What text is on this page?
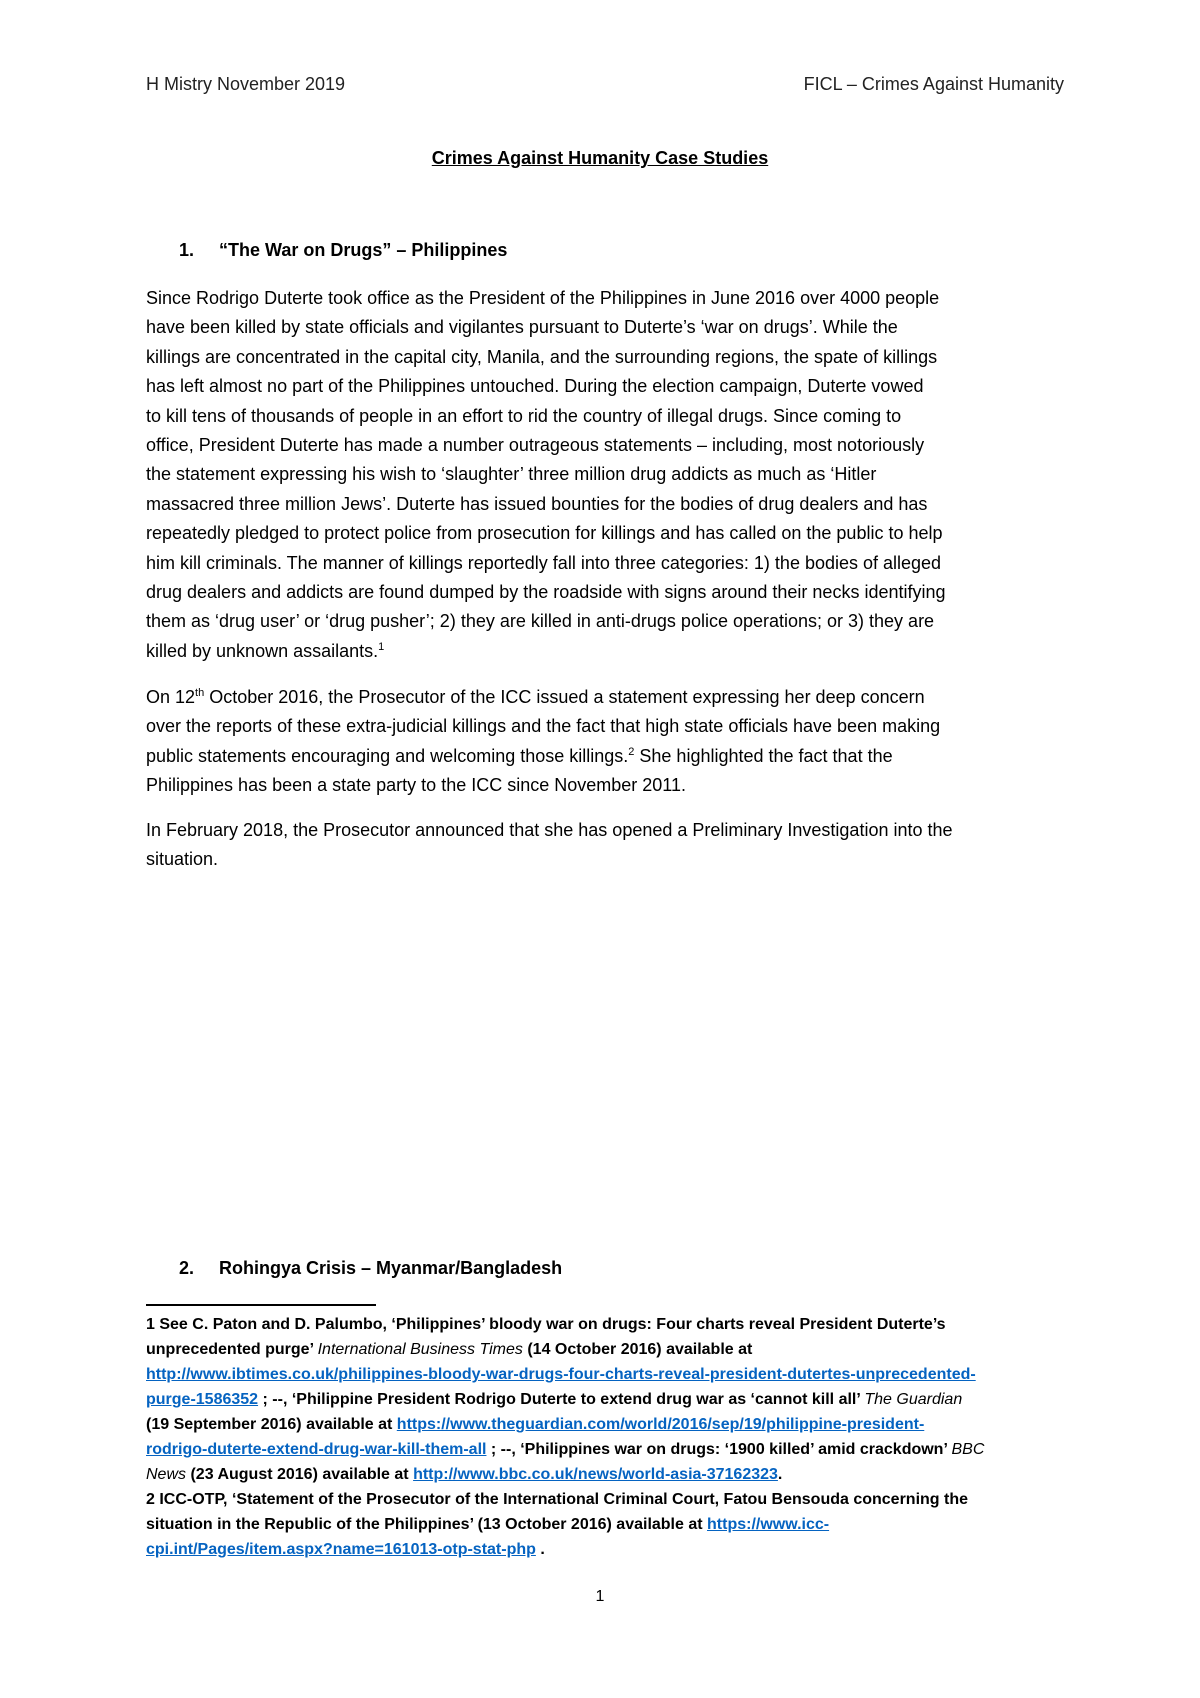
H Mistry November 2019	FICL – Crimes Against Humanity
Crimes Against Humanity Case Studies
1. “The War on Drugs” – Philippines
Since Rodrigo Duterte took office as the President of the Philippines in June 2016 over 4000 people
have been killed by state officials and vigilantes pursuant to Duterte’s ‘war on drugs’. While the
killings are concentrated in the capital city, Manila, and the surrounding regions, the spate of killings
has left almost no part of the Philippines untouched. During the election campaign, Duterte vowed
to kill tens of thousands of people in an effort to rid the country of illegal drugs. Since coming to
office, President Duterte has made a number outrageous statements – including, most notoriously
the statement expressing his wish to ‘slaughter’ three million drug addicts as much as ‘Hitler
massacred three million Jews’. Duterte has issued bounties for the bodies of drug dealers and has
repeatedly pledged to protect police from prosecution for killings and has called on the public to help
him kill criminals. The manner of killings reportedly fall into three categories: 1) the bodies of alleged
drug dealers and addicts are found dumped by the roadside with signs around their necks identifying
them as ‘drug user’ or ‘drug pusher’; 2) they are killed in anti-drugs police operations; or 3) they are
killed by unknown assailants.$^1$
On 12th October 2016, the Prosecutor of the ICC issued a statement expressing her deep concern
over the reports of these extra-judicial killings and the fact that high state officials have been making
public statements encouraging and welcoming those killings.$^2$ She highlighted the fact that the
Philippines has been a state party to the ICC since November 2011.
In February 2018, the Prosecutor announced that she has opened a Preliminary Investigation into the
situation.
2. Rohingya Crisis – Myanmar/Bangladesh
1 See C. Paton and D. Palumbo, ‘Philippines’ bloody war on drugs: Four charts reveal President Duterte’s
unprecedented purge’ International Business Times (14 October 2016) available at
http://www.ibtimes.co.uk/philippines-bloody-war-drugs-four-charts-reveal-president-dutertes-unprecedented-
purge-1586352 ; --, ‘Philippine President Rodrigo Duterte to extend drug war as ‘cannot kill all’ The Guardian
(19 September 2016) available at https://www.theguardian.com/world/2016/sep/19/philippine-president-
rodrigo-duterte-extend-drug-war-kill-them-all ; --, ‘Philippines war on drugs: ‘1900 killed’ amid crackdown’ BBC
News (23 August 2016) available at http://www.bbc.co.uk/news/world-asia-37162323.
2 ICC-OTP, ‘Statement of the Prosecutor of the International Criminal Court, Fatou Bensouda concerning the
situation in the Republic of the Philippines’ (13 October 2016) available at https://www.icc-
cpi.int/Pages/item.aspx?name=161013-otp-stat-php .
1
